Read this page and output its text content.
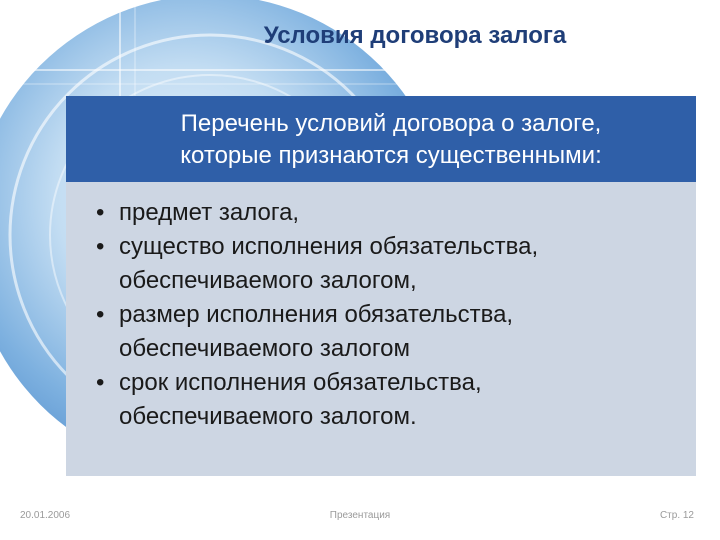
Условия договора залога
Перечень условий договора о залоге,
которые признаются существенными:
• предмет залога,
• существо исполнения обязательства,
обеспечиваемого залогом,
• размер исполнения обязательства,
обеспечиваемого залогом
• срок исполнения обязательства,
обеспечиваемого залогом.
20.01.2006	Презентация	Стр. 12
